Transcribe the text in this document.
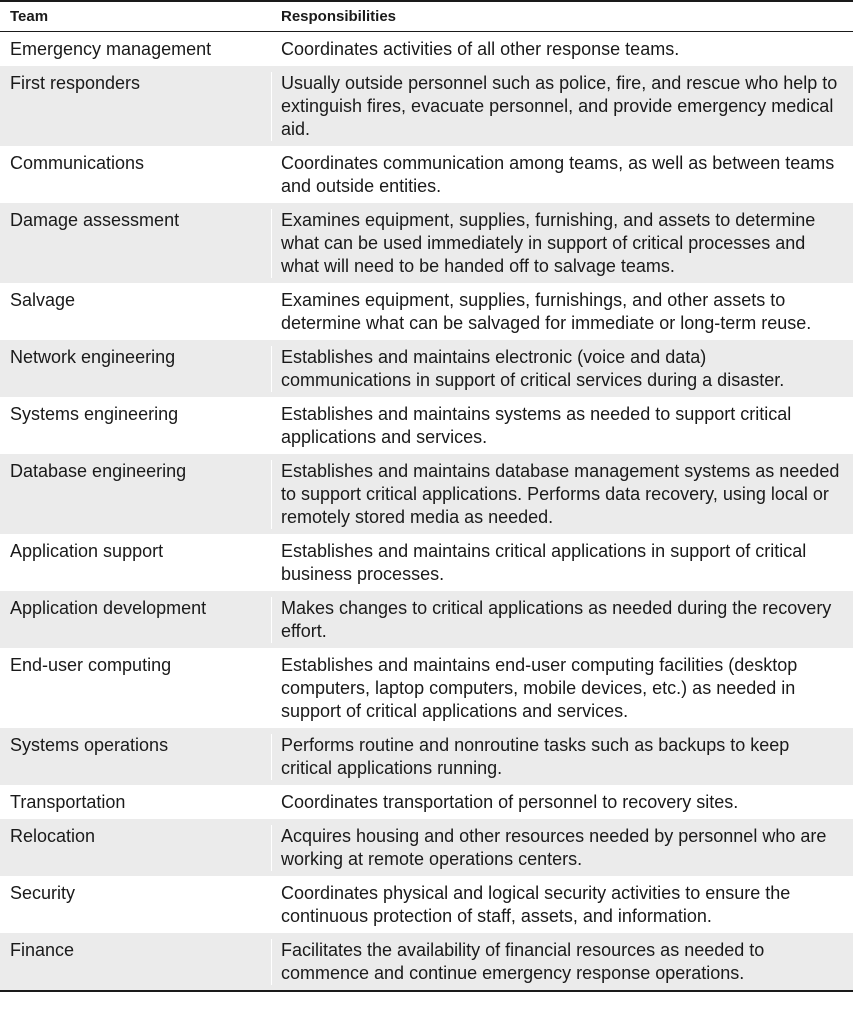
Team	Responsibilities
Emergency management	Coordinates activities of all other response teams.
First responders	Usually outside personnel such as police, fire, and rescue who help to extinguish fires, evacuate personnel, and provide emergency medical aid.
Communications	Coordinates communication among teams, as well as between teams and outside entities.
Damage assessment	Examines equipment, supplies, furnishing, and assets to determine what can be used immediately in support of critical processes and what will need to be handed off to salvage teams.
Salvage	Examines equipment, supplies, furnishings, and other assets to determine what can be salvaged for immediate or long-term reuse.
Network engineering	Establishes and maintains electronic (voice and data) communications in support of critical services during a disaster.
Systems engineering	Establishes and maintains systems as needed to support critical applications and services.
Database engineering	Establishes and maintains database management systems as needed to support critical applications. Performs data recovery, using local or remotely stored media as needed.
Application support	Establishes and maintains critical applications in support of critical business processes.
Application development	Makes changes to critical applications as needed during the recovery effort.
End-user computing	Establishes and maintains end-user computing facilities (desktop computers, laptop computers, mobile devices, etc.) as needed in support of critical applications and services.
Systems operations	Performs routine and nonroutine tasks such as backups to keep critical applications running.
Transportation	Coordinates transportation of personnel to recovery sites.
Relocation	Acquires housing and other resources needed by personnel who are working at remote operations centers.
Security	Coordinates physical and logical security activities to ensure the continuous protection of staff, assets, and information.
Finance	Facilitates the availability of financial resources as needed to commence and continue emergency response operations.
